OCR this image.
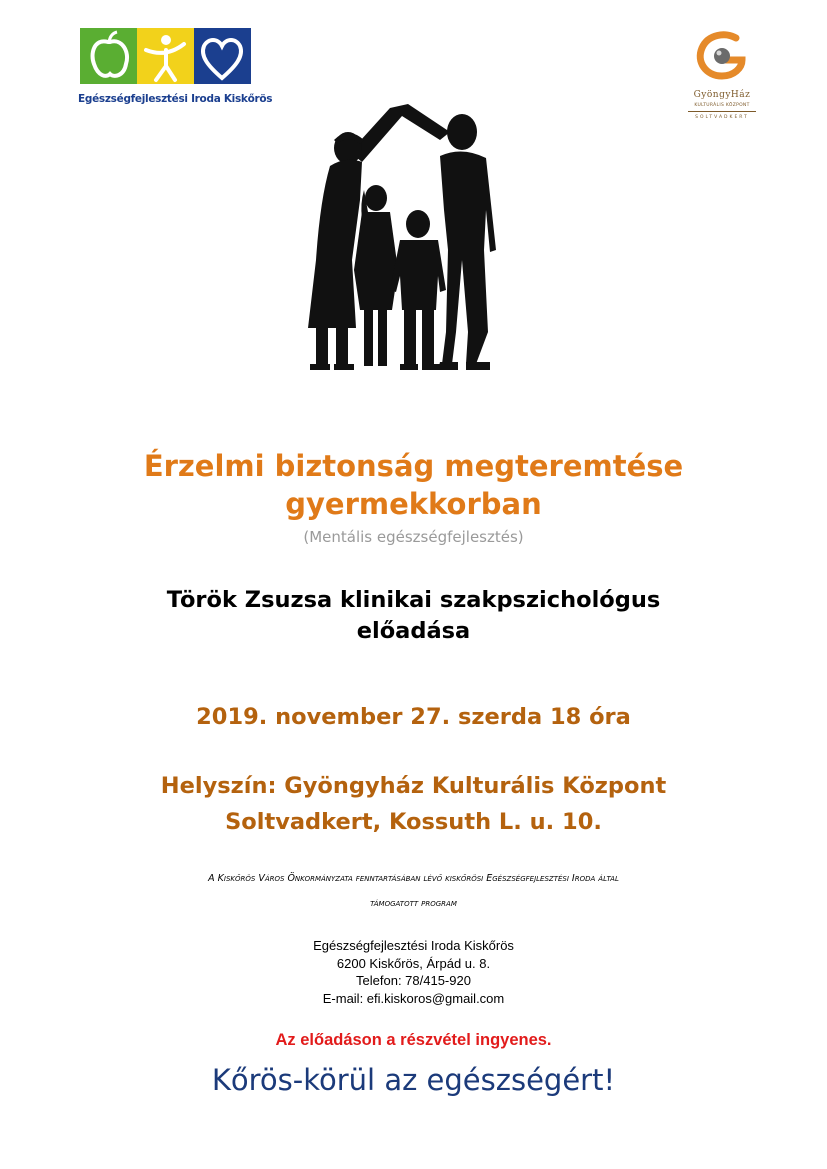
Egészségfejlesztési Iroda Kiskőrös	GyöngyHáz
KULTURÁLIS KÖZPONT
SOLTVADKERT
Érzelmi biztonság megteremtése
gyermekkorban
(Mentális egészségfejlesztés)
Török Zsuzsa klinikai szakpszichológus
előadása
2019. november 27. szerda 18 óra
Helyszín: Gyöngyház Kulturális Központ
Soltvadkert, Kossuth L. u. 10.
A Kiskőrös Város Önkormányzata fenntartásában lévő kiskőrösi Egészségfejlesztési Iroda által
támogatott program
Egészségfejlesztési Iroda Kiskőrös
6200 Kiskőrös, Árpád u. 8.
Telefon: 78/415-920
E-mail: efi.kiskoros@gmail.com
Az előadáson a részvétel ingyenes.
Kőrös-körül az egészségért!
